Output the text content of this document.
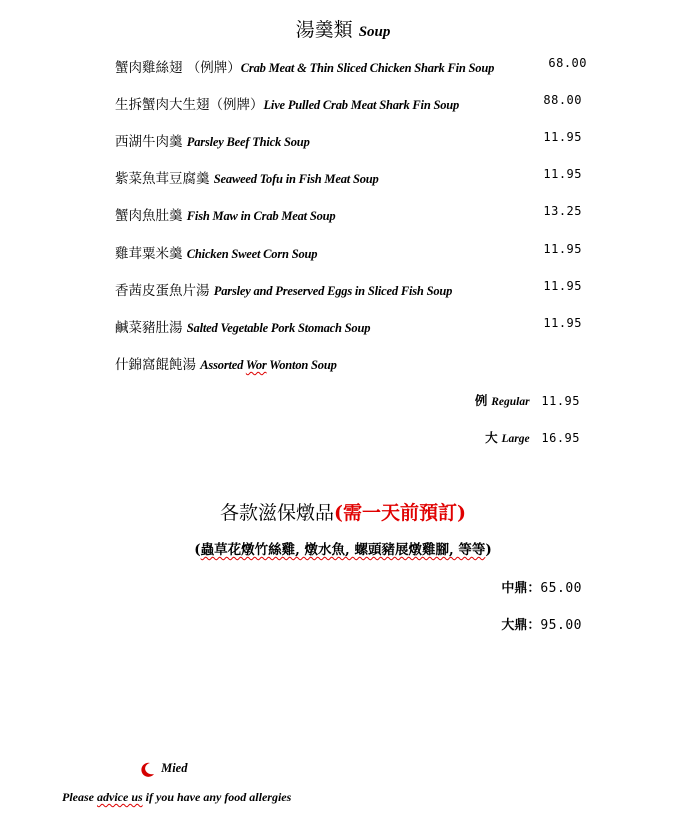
湯羹類 Soup
蟹肉雞絲翅 （例牌）Crab Meat & Thin Sliced Chicken Shark Fin Soup	68.00
生拆蟹肉大生翅（例牌）Live Pulled Crab Meat Shark Fin Soup	88.00
西湖牛肉羹 Parsley Beef Thick Soup	11.95
紫菜魚茸豆腐羹 Seaweed Tofu in Fish Meat Soup	11.95
蟹肉魚肚羹 Fish Maw in Crab Meat Soup	13.25
雞茸粟米羹 Chicken Sweet Corn Soup	11.95
香茜皮蛋魚片湯 Parsley and Preserved Eggs in Sliced Fish Soup	11.95
鹹菜豬肚湯 Salted Vegetable Pork Stomach Soup	11.95
什錦窩餛飩湯 Assorted Wor Wonton Soup
例 Regular 11.95
大 Large 16.95
各款滋保燉品(需一天前預訂)
(蟲草花燉竹絲雞, 燉水魚, 螺頭豬展燉雞腳, 等等)
中鼎：65.00
大鼎：95.00
Mied
Please advice us if you have any food allergies
